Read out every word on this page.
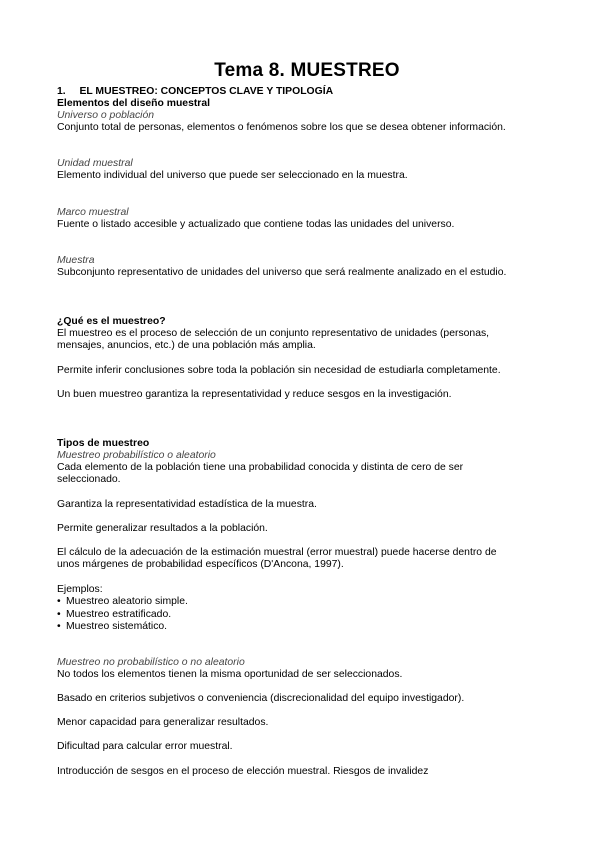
Tema 8. MUESTREO
1. EL MUESTREO: CONCEPTOS CLAVE Y TIPOLOGÍA
Elementos del diseño muestral
Universo o población
Conjunto total de personas, elementos o fenómenos sobre los que se desea obtener información.
Unidad muestral
Elemento individual del universo que puede ser seleccionado en la muestra.
Marco muestral
Fuente o listado accesible y actualizado que contiene todas las unidades del universo.
Muestra
Subconjunto representativo de unidades del universo que será realmente analizado en el estudio.
¿Qué es el muestreo?
El muestreo es el proceso de selección de un conjunto representativo de unidades (personas,
mensajes, anuncios, etc.) de una población más amplia.
Permite inferir conclusiones sobre toda la población sin necesidad de estudiarla completamente.
Un buen muestreo garantiza la representatividad y reduce sesgos en la investigación.
Tipos de muestreo
Muestreo probabilístico o aleatorio
Cada elemento de la población tiene una probabilidad conocida y distinta de cero de ser
seleccionado.
Garantiza la representatividad estadística de la muestra.
Permite generalizar resultados a la población.
El cálculo de la adecuación de la estimación muestral (error muestral) puede hacerse dentro de
unos márgenes de probabilidad específicos (D'Ancona, 1997).
Ejemplos:
• Muestreo aleatorio simple.
• Muestreo estratificado.
• Muestreo sistemático.
Muestreo no probabilístico o no aleatorio
No todos los elementos tienen la misma oportunidad de ser seleccionados.
Basado en criterios subjetivos o conveniencia (discrecionalidad del equipo investigador).
Menor capacidad para generalizar resultados.
Dificultad para calcular error muestral.
Introducción de sesgos en el proceso de elección muestral. Riesgos de invalidez
